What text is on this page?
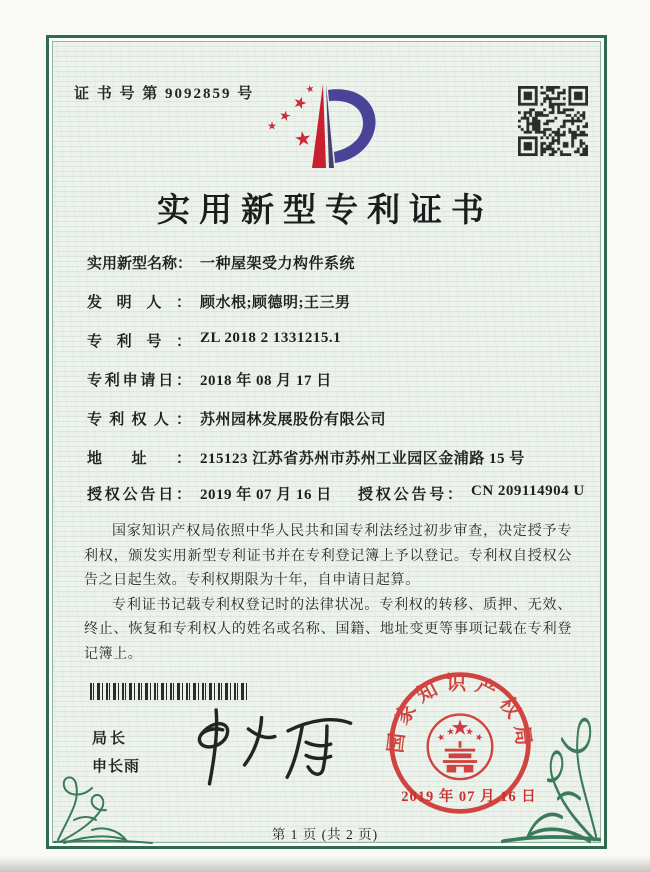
证 书 号 第 9092859 号
实用新型专利证书
实用新型名称： 一种屋架受力构件系统
发明人： 顾水根;顾德明;王三男
专利号： ZL 2018 2 1331215.1
专利申请日： 2018 年 08 月 17 日
专利权人： 苏州园林发展股份有限公司
地址： 215123 江苏省苏州市苏州工业园区金浦路 15 号
授权公告日： 2019 年 07 月 16 日 授权公告号： CN 209114904 U

国家知识产权局依照中华人民共和国专利法经过初步审查，决定授予专利权，颁发实用新型专利证书并在专利登记簿上予以登记。专利权自授权公告之日起生效。专利权期限为十年，自申请日起算。

专利证书记载专利权登记时的法律状况。专利权的转移、质押、无效、终止、恢复和专利权人的姓名或名称、国籍、地址变更等事项记载在专利登记簿上。

局长
申长雨
国家知识产权局
2019 年 07 月 16 日
第 1 页 (共 2 页)
